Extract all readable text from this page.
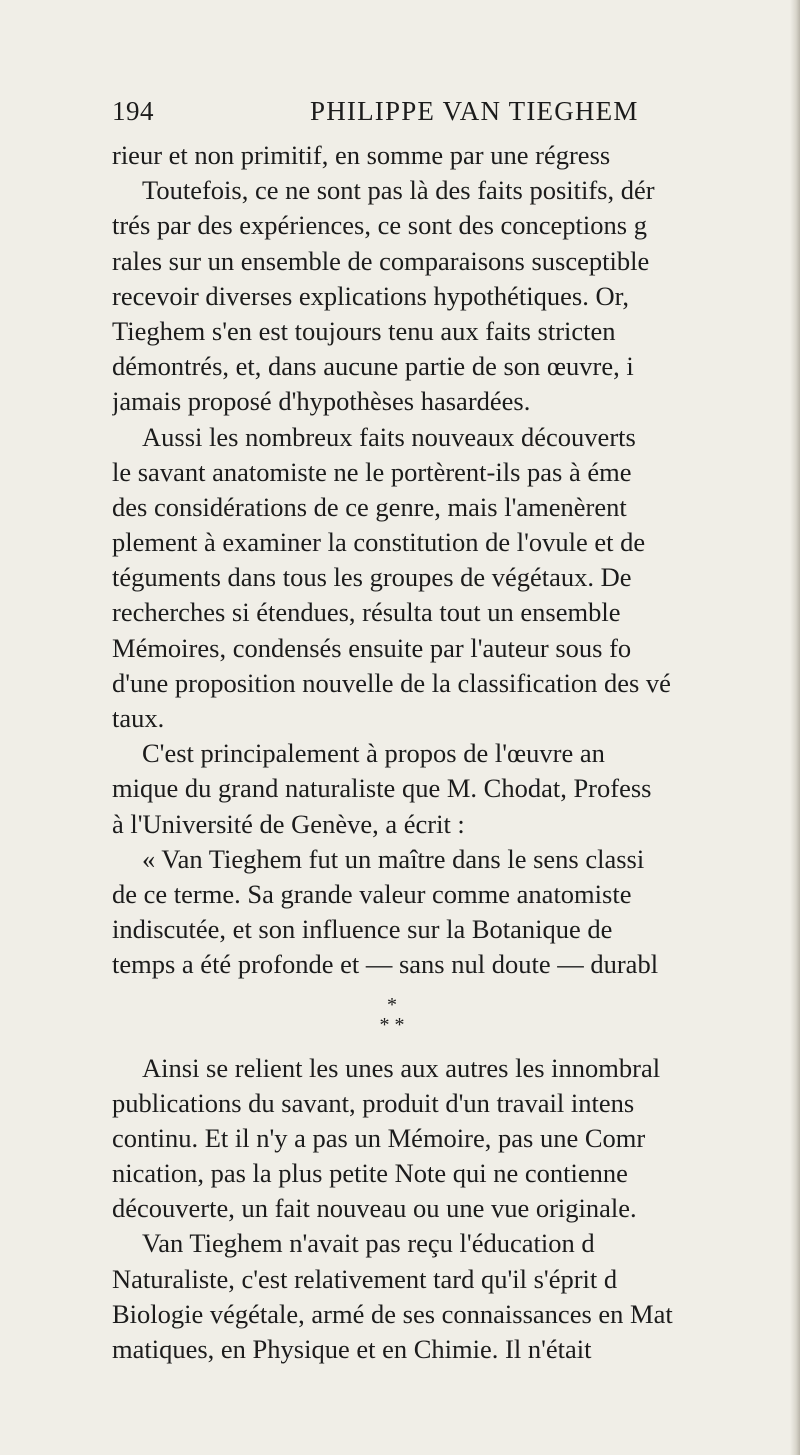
194	PHILIPPE VAN TIEGHEM
rieur et non primitif, en somme par une régress
Toutefois, ce ne sont pas là des faits positifs, dér
trés par des expériences, ce sont des conceptions g
rales sur un ensemble de comparaisons susceptible
recevoir diverses explications hypothétiques. Or,
Tieghem s'en est toujours tenu aux faits stricten
démontrés, et, dans aucune partie de son œuvre, i
jamais proposé d'hypothèses hasardées.
Aussi les nombreux faits nouveaux découverts
le savant anatomiste ne le portèrent-ils pas à éme
des considérations de ce genre, mais l'amenèrent
plement à examiner la constitution de l'ovule et de
téguments dans tous les groupes de végétaux. De
recherches si étendues, résulta tout un ensemble
Mémoires, condensés ensuite par l'auteur sous fo
d'une proposition nouvelle de la classification des vé
taux.
C'est principalement à propos de l'œuvre an
mique du grand naturaliste que M. Chodat, Profess
à l'Université de Genève, a écrit :
« Van Tieghem fut un maître dans le sens classi
de ce terme. Sa grande valeur comme anatomiste
indiscutée, et son influence sur la Botanique de
temps a été profonde et — sans nul doute — durabl
*
* *
Ainsi se relient les unes aux autres les innombral
publications du savant, produit d'un travail intens
continu. Et il n'y a pas un Mémoire, pas une Comr
nication, pas la plus petite Note qui ne contienne
découverte, un fait nouveau ou une vue originale.
Van Tieghem n'avait pas reçu l'éducation d
Naturaliste, c'est relativement tard qu'il s'éprit d
Biologie végétale, armé de ses connaissances en Mat
matiques, en Physique et en Chimie. Il n'était
